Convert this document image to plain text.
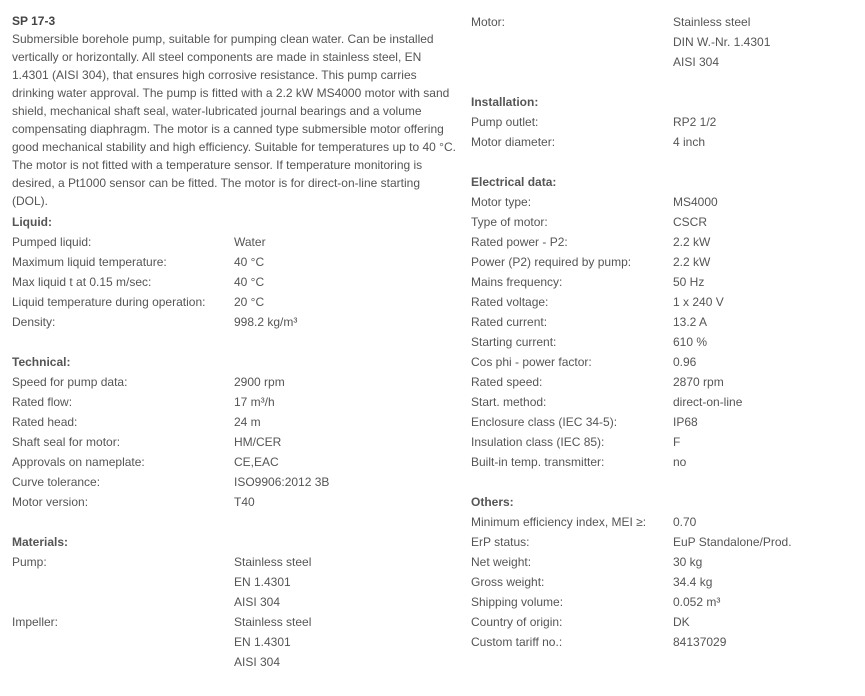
SP 17-3

Submersible borehole pump, suitable for pumping clean water. Can be installed vertically or horizontally. All steel components are made in stainless steel, EN 1.4301 (AISI 304), that ensures high corrosive resistance. This pump carries drinking water approval. The pump is fitted with a 2.2 kW MS4000 motor with sand shield, mechanical shaft seal, water-lubricated journal bearings and a volume compensating diaphragm. The motor is a canned type submersible motor offering good mechanical stability and high efficiency. Suitable for temperatures up to 40 °C. The motor is not fitted with a temperature sensor. If temperature monitoring is desired, a Pt1000 sensor can be fitted. The motor is for direct-on-line starting (DOL).

Liquid:
Pumped liquid:	Water
Maximum liquid temperature:	40 °C
Max liquid t at 0.15 m/sec:	40 °C
Liquid temperature during operation:	20 °C
Density:	998.2 kg/m³
Technical:
Speed for pump data:	2900 rpm
Rated flow:	17 m³/h
Rated head:	24 m
Shaft seal for motor:	HM/CER
Approvals on nameplate:	CE,EAC
Curve tolerance:	ISO9906:2012 3B
Motor version:	T40
Materials:
Pump:	Stainless steel
EN 1.4301
AISI 304
Impeller:	Stainless steel
EN 1.4301
AISI 304
Motor:	Stainless steel
DIN W.-Nr. 1.4301
AISI 304
Installation:
Pump outlet:	RP2 1/2
Motor diameter:	4 inch
Electrical data:
Motor type:	MS4000
Type of motor:	CSCR
Rated power - P2:	2.2 kW
Power (P2) required by pump:	2.2 kW
Mains frequency:	50 Hz
Rated voltage:	1 x 240 V
Rated current:	13.2 A
Starting current:	610 %
Cos phi - power factor:	0.96
Rated speed:	2870 rpm
Start. method:	direct-on-line
Enclosure class (IEC 34-5):	IP68
Insulation class (IEC 85):	F
Built-in temp. transmitter:	no
Others:
Minimum efficiency index, MEI ≥:	0.70
ErP status:	EuP Standalone/Prod.
Net weight:	30 kg
Gross weight:	34.4 kg
Shipping volume:	0.052 m³
Country of origin:	DK
Custom tariff no.:	84137029
